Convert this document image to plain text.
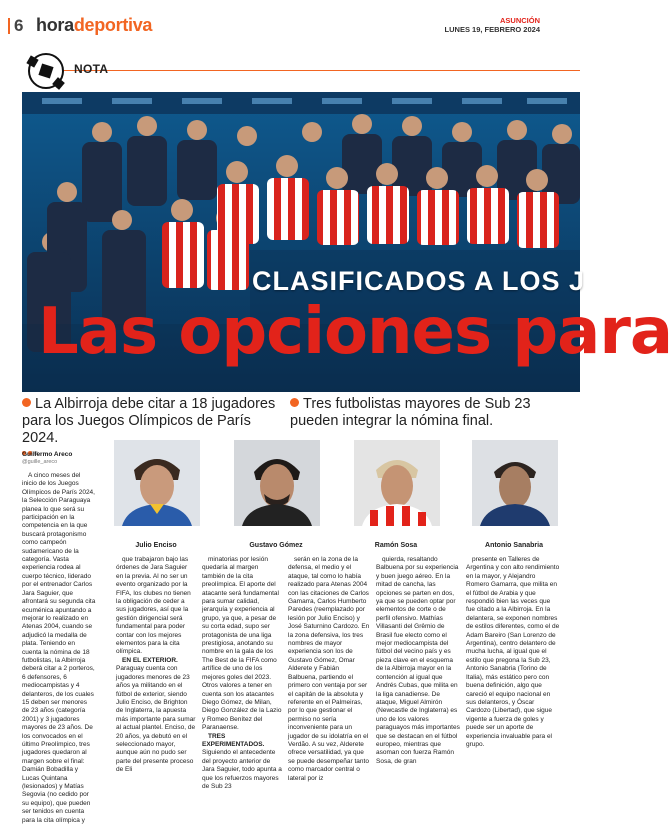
6 horadeportiva	ASUNCIÓN
LUNES 19, FEBRERO 2024
NOTA
CLASIFICADOS A LOS J
Las opciones para
La Albirroja debe citar a 18 jugadores para los Juegos Olímpicos de París 2024.
Tres futbolistas mayores de Sub 23 pueden integrar la nómina final.
Guillermo Areco
@guille_areco
Julio Enciso	Gustavo Gómez	Ramón Sosa	Antonio Sanabria

A cinco meses del inicio de los Juegos Olímpicos de París 2024, la Selección Paraguaya planea lo que será su participación en la competencia en la que buscará protagonismo como campeón sudamericano de la categoría. Vasta experiencia rodea al cuerpo técnico, liderado por el entrenador Carlos Jara Saguier, que afrontará su segunda cita ecuménica apuntando a mejorar lo realizado en Atenas 2004, cuando se adjudicó la medalla de plata. Teniendo en cuenta la nómina de 18 futbolistas, la Albirroja deberá citar a 2 porteros, 6 defensores, 6 mediocampistas y 4 delanteros, de los cuales 15 deben ser menores de 23 años (categoría 2001) y 3 jugadores mayores de 23 años. De los convocados en el último Preolímpico, tres jugadores quedaron al margen sobre el final: Damián Bobadilla y Lucas Quintana (lesionados) y Matías Segovia (no cedido por su equipo), que pueden ser tenidos en cuenta para la cita olímpica y

que trabajaron bajo las órdenes de Jara Saguier en la previa. Al no ser un evento organizado por la FIFA, los clubes no tienen la obligación de ceder a sus jugadores, así que la gestión dirigencial será fundamental para poder contar con los mejores elementos para la cita olímpica.

EN EL EXTERIOR. Paraguay cuenta con jugadores menores de 23 años ya militando en el fútbol de exterior, siendo Julio Enciso, de Brighton de Inglaterra, la apuesta más importante para sumar al actual plantel. Enciso, de 20 años, ya debutó en el seleccionado mayor, aunque aún no pudo ser parte del presente proceso de Eli

minatorias por lesión quedaría al margen también de la cita preolímpica. El aporte del atacante será fundamental para sumar calidad, jerarquía y experiencia al grupo, ya que, a pesar de su corta edad, supo ser protagonista de una liga prestigiosa, anotando su nombre en la gala de los The Best de la FIFA como artífice de uno de los mejores goles del 2023. Otros valores a tener en cuenta son los atacantes Diego Gómez, de Milan, Diego González de la Lazio y Romeo Benítez del Paranaense.

TRES EXPERIMENTADOS. Siguiendo el antecedente del proyecto anterior de Jara Saguier, todo apunta a que los refuerzos mayores de Sub 23

serán en la zona de la defensa, el medio y el ataque, tal como lo había realizado para Atenas 2004 con las citaciones de Carlos Gamarra, Carlos Humberto Paredes (reemplazado por lesión por Julio Enciso) y José Saturnino Cardozo. En la zona defensiva, los tres nombres de mayor experiencia son los de Gustavo Gómez, Omar Alderete y Fabián Balbuena, partiendo el primero con ventaja por ser el capitán de la absoluta y referente en el Palmeiras, por lo que gestionar el permiso no sería inconveniente para un jugador de su idolatría en el Verdão. A su vez, Alderete ofrece versatilidad, ya que se puede desempeñar tanto como marcador central o lateral por iz

quierda, resaltando Balbuena por su experiencia y buen juego aéreo. En la mitad de cancha, las opciones se parten en dos, ya que se pueden optar por elementos de corte o de perfil ofensivo. Mathías Villasanti del Grêmio de Brasil fue electo como el mejor mediocampista del fútbol del vecino país y es pieza clave en el esquema de la Albirroja mayor en la contención al igual que Andrés Cubas, que milita en la liga canadiense. De ataque, Miguel Almirón (Newcastle de Inglaterra) es uno de los valores paraguayos más importantes que se destacan en el fútbol europeo, mientras que asoman con fuerza Ramón Sosa, de gran

presente en Talleres de Argentina y con alto rendimiento en la mayor, y Alejandro Romero Gamarra, que milita en el fútbol de Arabia y que respondió bien las veces que fue citado a la Albirroja. En la delantera, se exponen nombres de estilos diferentes, como el de Adam Bareiro (San Lorenzo de Argentina), centro delantero de mucha lucha, al igual que el estilo que pregona la Sub 23, Antonio Sanabria (Torino de Italia), más estático pero con buena definición, algo que careció el equipo nacional en sus delanteros, y Óscar Cardozo (Libertad), que sigue vigente a fuerza de goles y puede ser un aporte de experiencia invaluable para el grupo.
